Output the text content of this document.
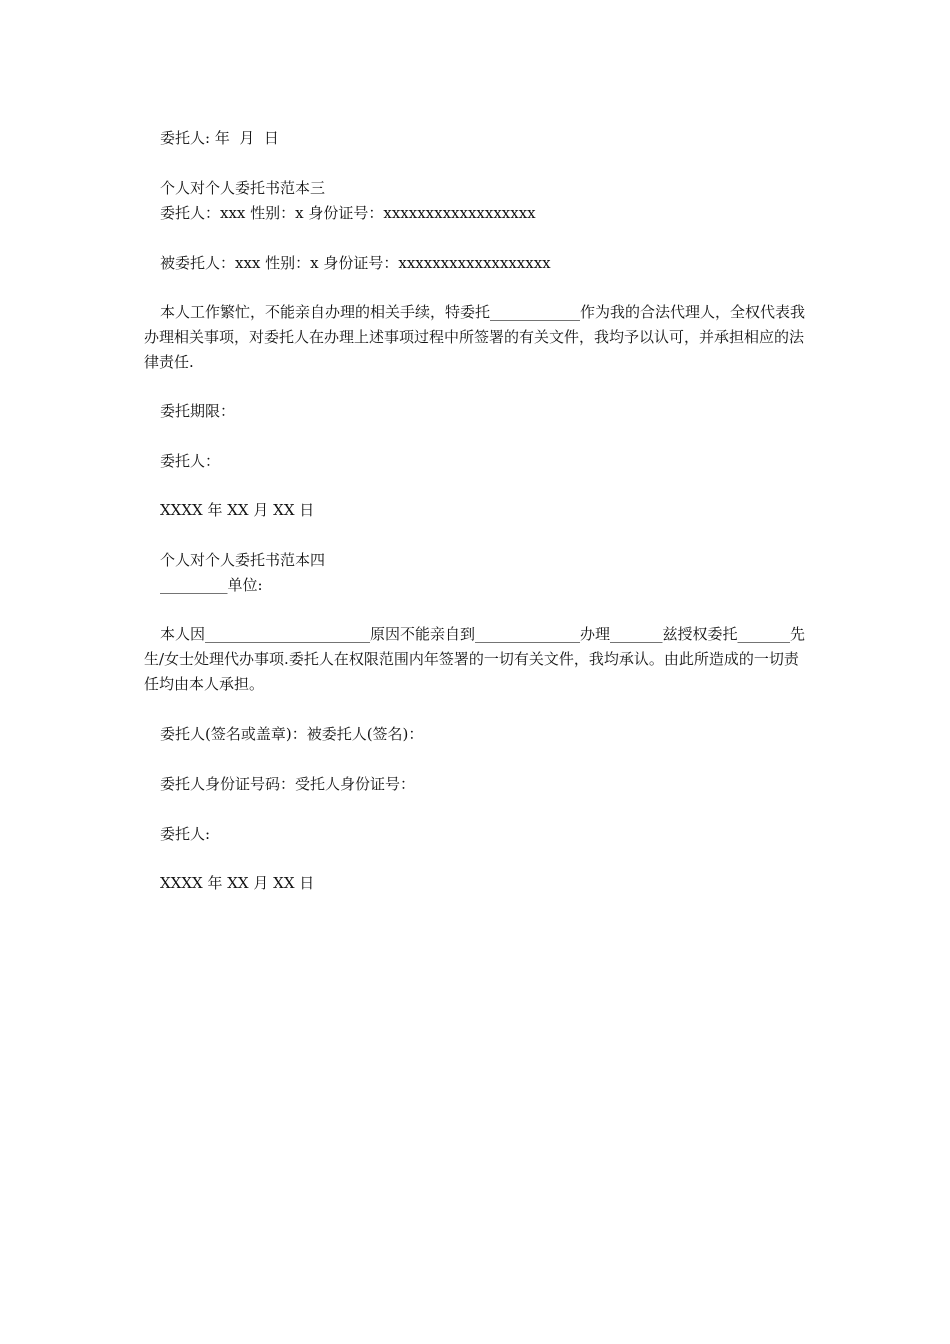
委托人: 年  月  日
个人对个人委托书范本三
委托人：xxx 性别：x 身份证号：xxxxxxxxxxxxxxxxxx
被委托人：xxx 性别：x 身份证号：xxxxxxxxxxxxxxxxxx
本人工作繁忙，不能亲自办理的相关手续，特委托____________作为我的合法代理人，全权代表我办理相关事项，对委托人在办理上述事项过程中所签署的有关文件，我均予以认可，并承担相应的法律责任.
委托期限：
委托人：
XXXX 年 XX 月 XX 日
个人对个人委托书范本四
_________单位:
本人因______________________原因不能亲自到______________办理_______兹授权委托_______先生/女士处理代办事项.委托人在权限范围内年签署的一切有关文件，我均承认。由此所造成的一切责任均由本人承担。
委托人(签名或盖章)：被委托人(签名)：
委托人身份证号码：受托人身份证号：
委托人:
XXXX 年 XX 月 XX 日
